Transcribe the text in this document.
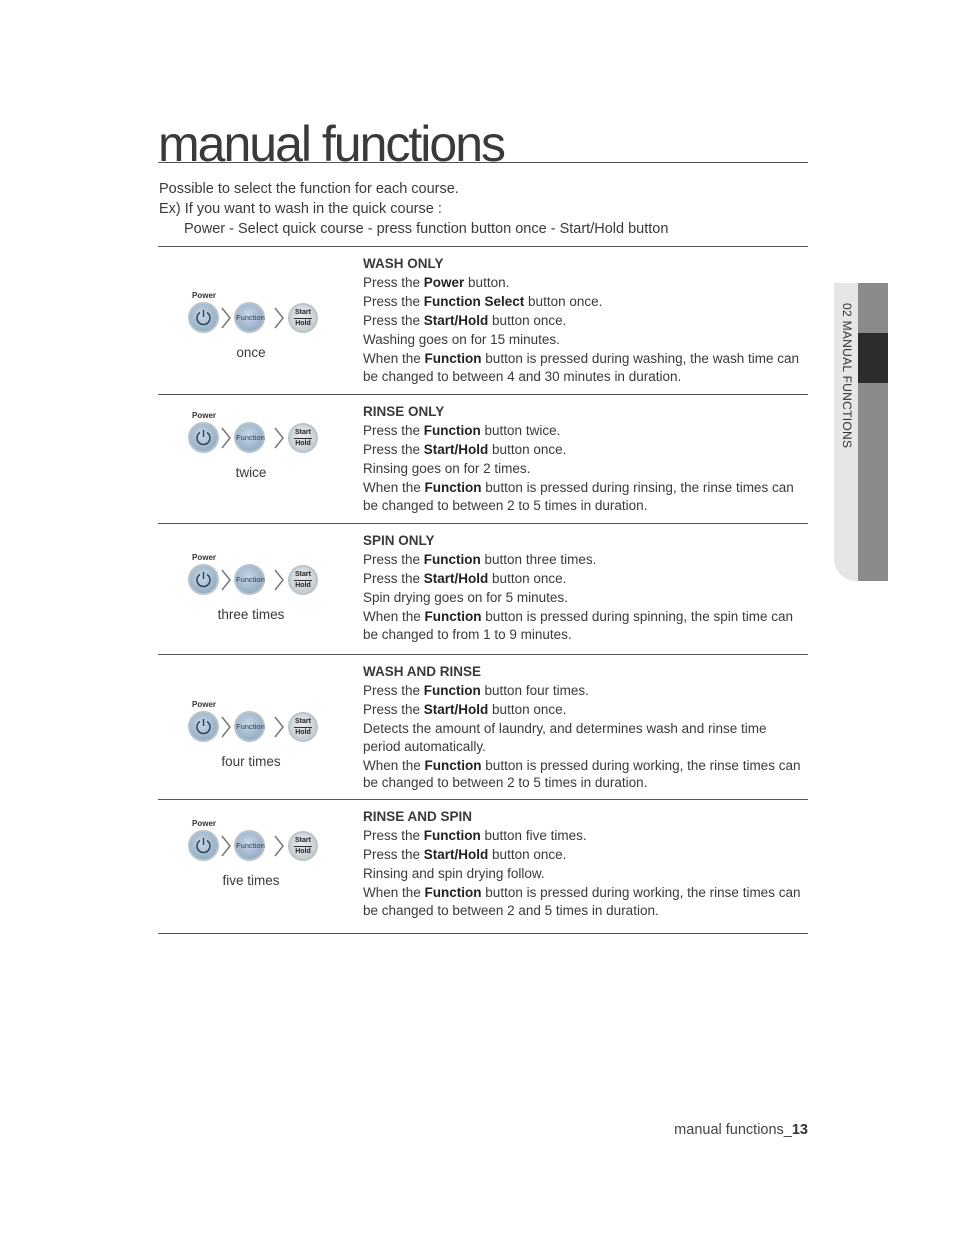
manual functions
Possible to select the function for each course.
Ex) If you want to wash in the quick course :
Power - Select quick course - press function button once - Start/Hold button
Power
Function
Start
Hold
once
WASH ONLY
Press the Power button.
Press the Function Select button once.
Press the Start/Hold button once.
Washing goes on for 15 minutes.
When the Function button is pressed during washing, the wash time can be changed to between 4 and 30 minutes in duration.
Power
Function
Start
Hold
twice
RINSE ONLY
Press the Function button twice.
Press the Start/Hold button once.
Rinsing goes on for 2 times.
When the Function button is pressed during rinsing, the rinse times can be changed to between 2 to 5 times in duration.
Power
Function
Start
Hold
three times
SPIN ONLY
Press the Function button three times.
Press the Start/Hold button once.
Spin drying goes on for 5 minutes.
When the Function button is pressed during spinning, the spin time can be changed to from 1 to 9 minutes.
Power
Function
Start
Hold
four times
WASH AND RINSE
Press the Function button four times.
Press the Start/Hold button once.
Detects the amount of laundry, and determines wash and rinse time period automatically.
When the Function button is pressed during working, the rinse times can be changed to between 2 to 5 times in duration.
Power
Function
Start
Hold
five times
RINSE AND SPIN
Press the Function button five times.
Press the Start/Hold button once.
Rinsing and spin drying follow.
When the Function button is pressed during working, the rinse times can be changed to between 2 and 5 times in duration.
02 MANUAL FUNCTIONS
manual functions_13
